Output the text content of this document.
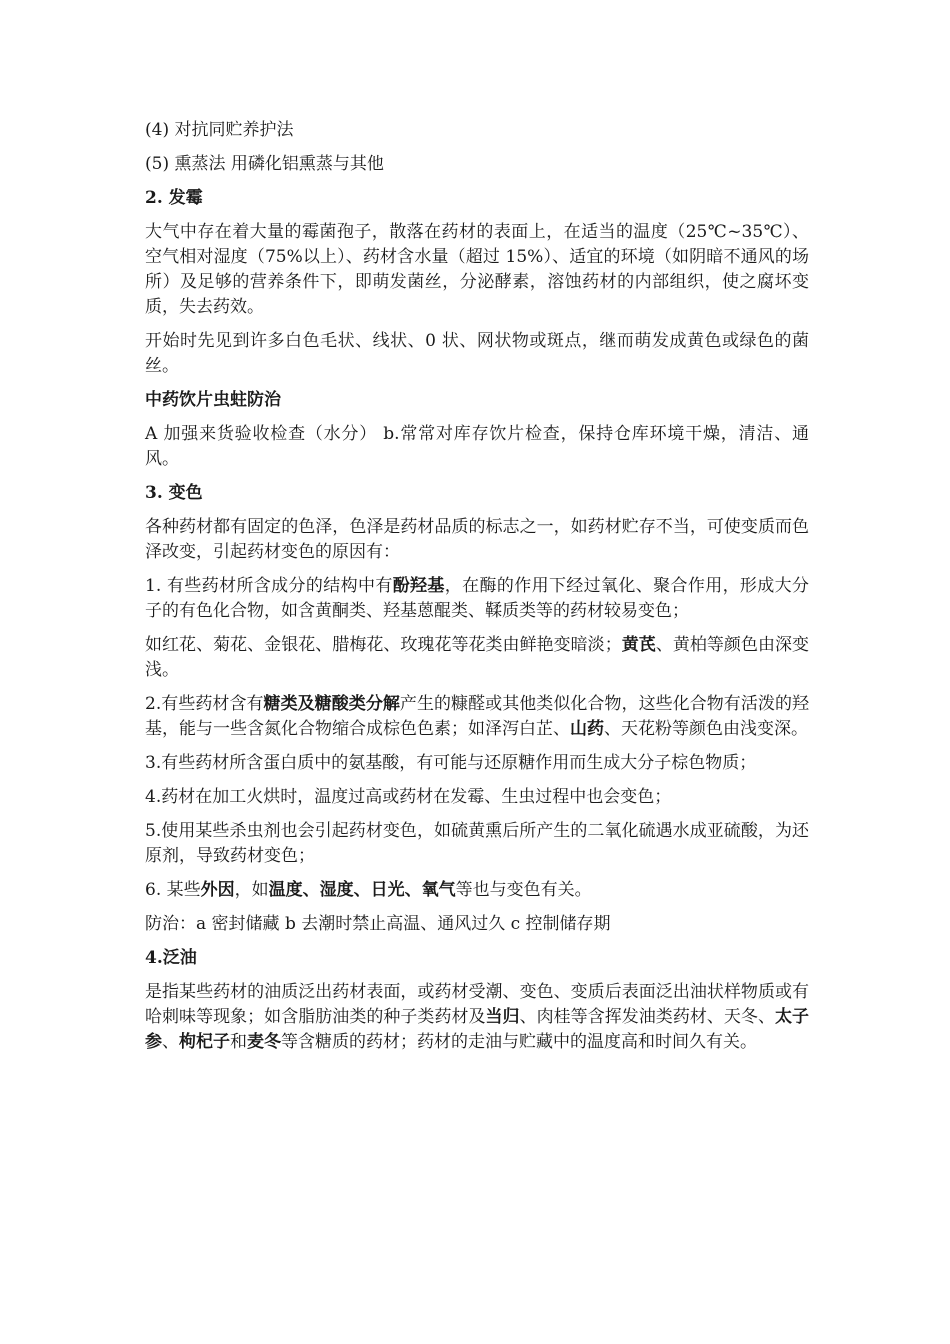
(4) 对抗同贮养护法

(5) 熏蒸法 用磷化铝熏蒸与其他

2. 发霉

大气中存在着大量的霉菌孢子，散落在药材的表面上，在适当的温度（25℃~35℃）、空气相对湿度（75%以上）、药材含水量（超过 15%）、适宜的环境（如阴暗不通风的场所）及足够的营养条件下，即萌发菌丝，分泌酵素，溶蚀药材的内部组织，使之腐坏变质，失去药效。

开始时先见到许多白色毛状、线状、0 状、网状物或斑点，继而萌发成黄色或绿色的菌丝。

中药饮片虫蛀防治

A 加强来货验收检查（水分） b.常常对库存饮片检查，保持仓库环境干燥，清洁、通风。

3. 变色

各种药材都有固定的色泽，色泽是药材品质的标志之一，如药材贮存不当，可使变质而色泽改变，引起药材变色的原因有：

1. 有些药材所含成分的结构中有酚羟基，在酶的作用下经过氧化、聚合作用，形成大分子的有色化合物，如含黄酮类、羟基蒽醌类、鞣质类等的药材较易变色；

如红花、菊花、金银花、腊梅花、玫瑰花等花类由鲜艳变暗淡；黄芪、黄柏等颜色由深变浅。

2.有些药材含有糖类及糖酸类分解产生的糠醛或其他类似化合物，这些化合物有活泼的羟基，能与一些含氮化合物缩合成棕色色素；如泽泻白芷、山药、天花粉等颜色由浅变深。

3.有些药材所含蛋白质中的氨基酸，有可能与还原糖作用而生成大分子棕色物质；

4.药材在加工火烘时，温度过高或药材在发霉、生虫过程中也会变色；

5.使用某些杀虫剂也会引起药材变色，如硫黄熏后所产生的二氧化硫遇水成亚硫酸，为还原剂，导致药材变色；

6. 某些外因，如温度、湿度、日光、氧气等也与变色有关。

防治：a 密封储藏 b 去潮时禁止高温、通风过久 c 控制储存期

4.泛油

是指某些药材的油质泛出药材表面，或药材受潮、变色、变质后表面泛出油状样物质或有哈刺味等现象；如含脂肪油类的种子类药材及当归、肉桂等含挥发油类药材、天冬、太子参、枸杞子和麦冬等含糖质的药材；药材的走油与贮藏中的温度高和时间久有关。
